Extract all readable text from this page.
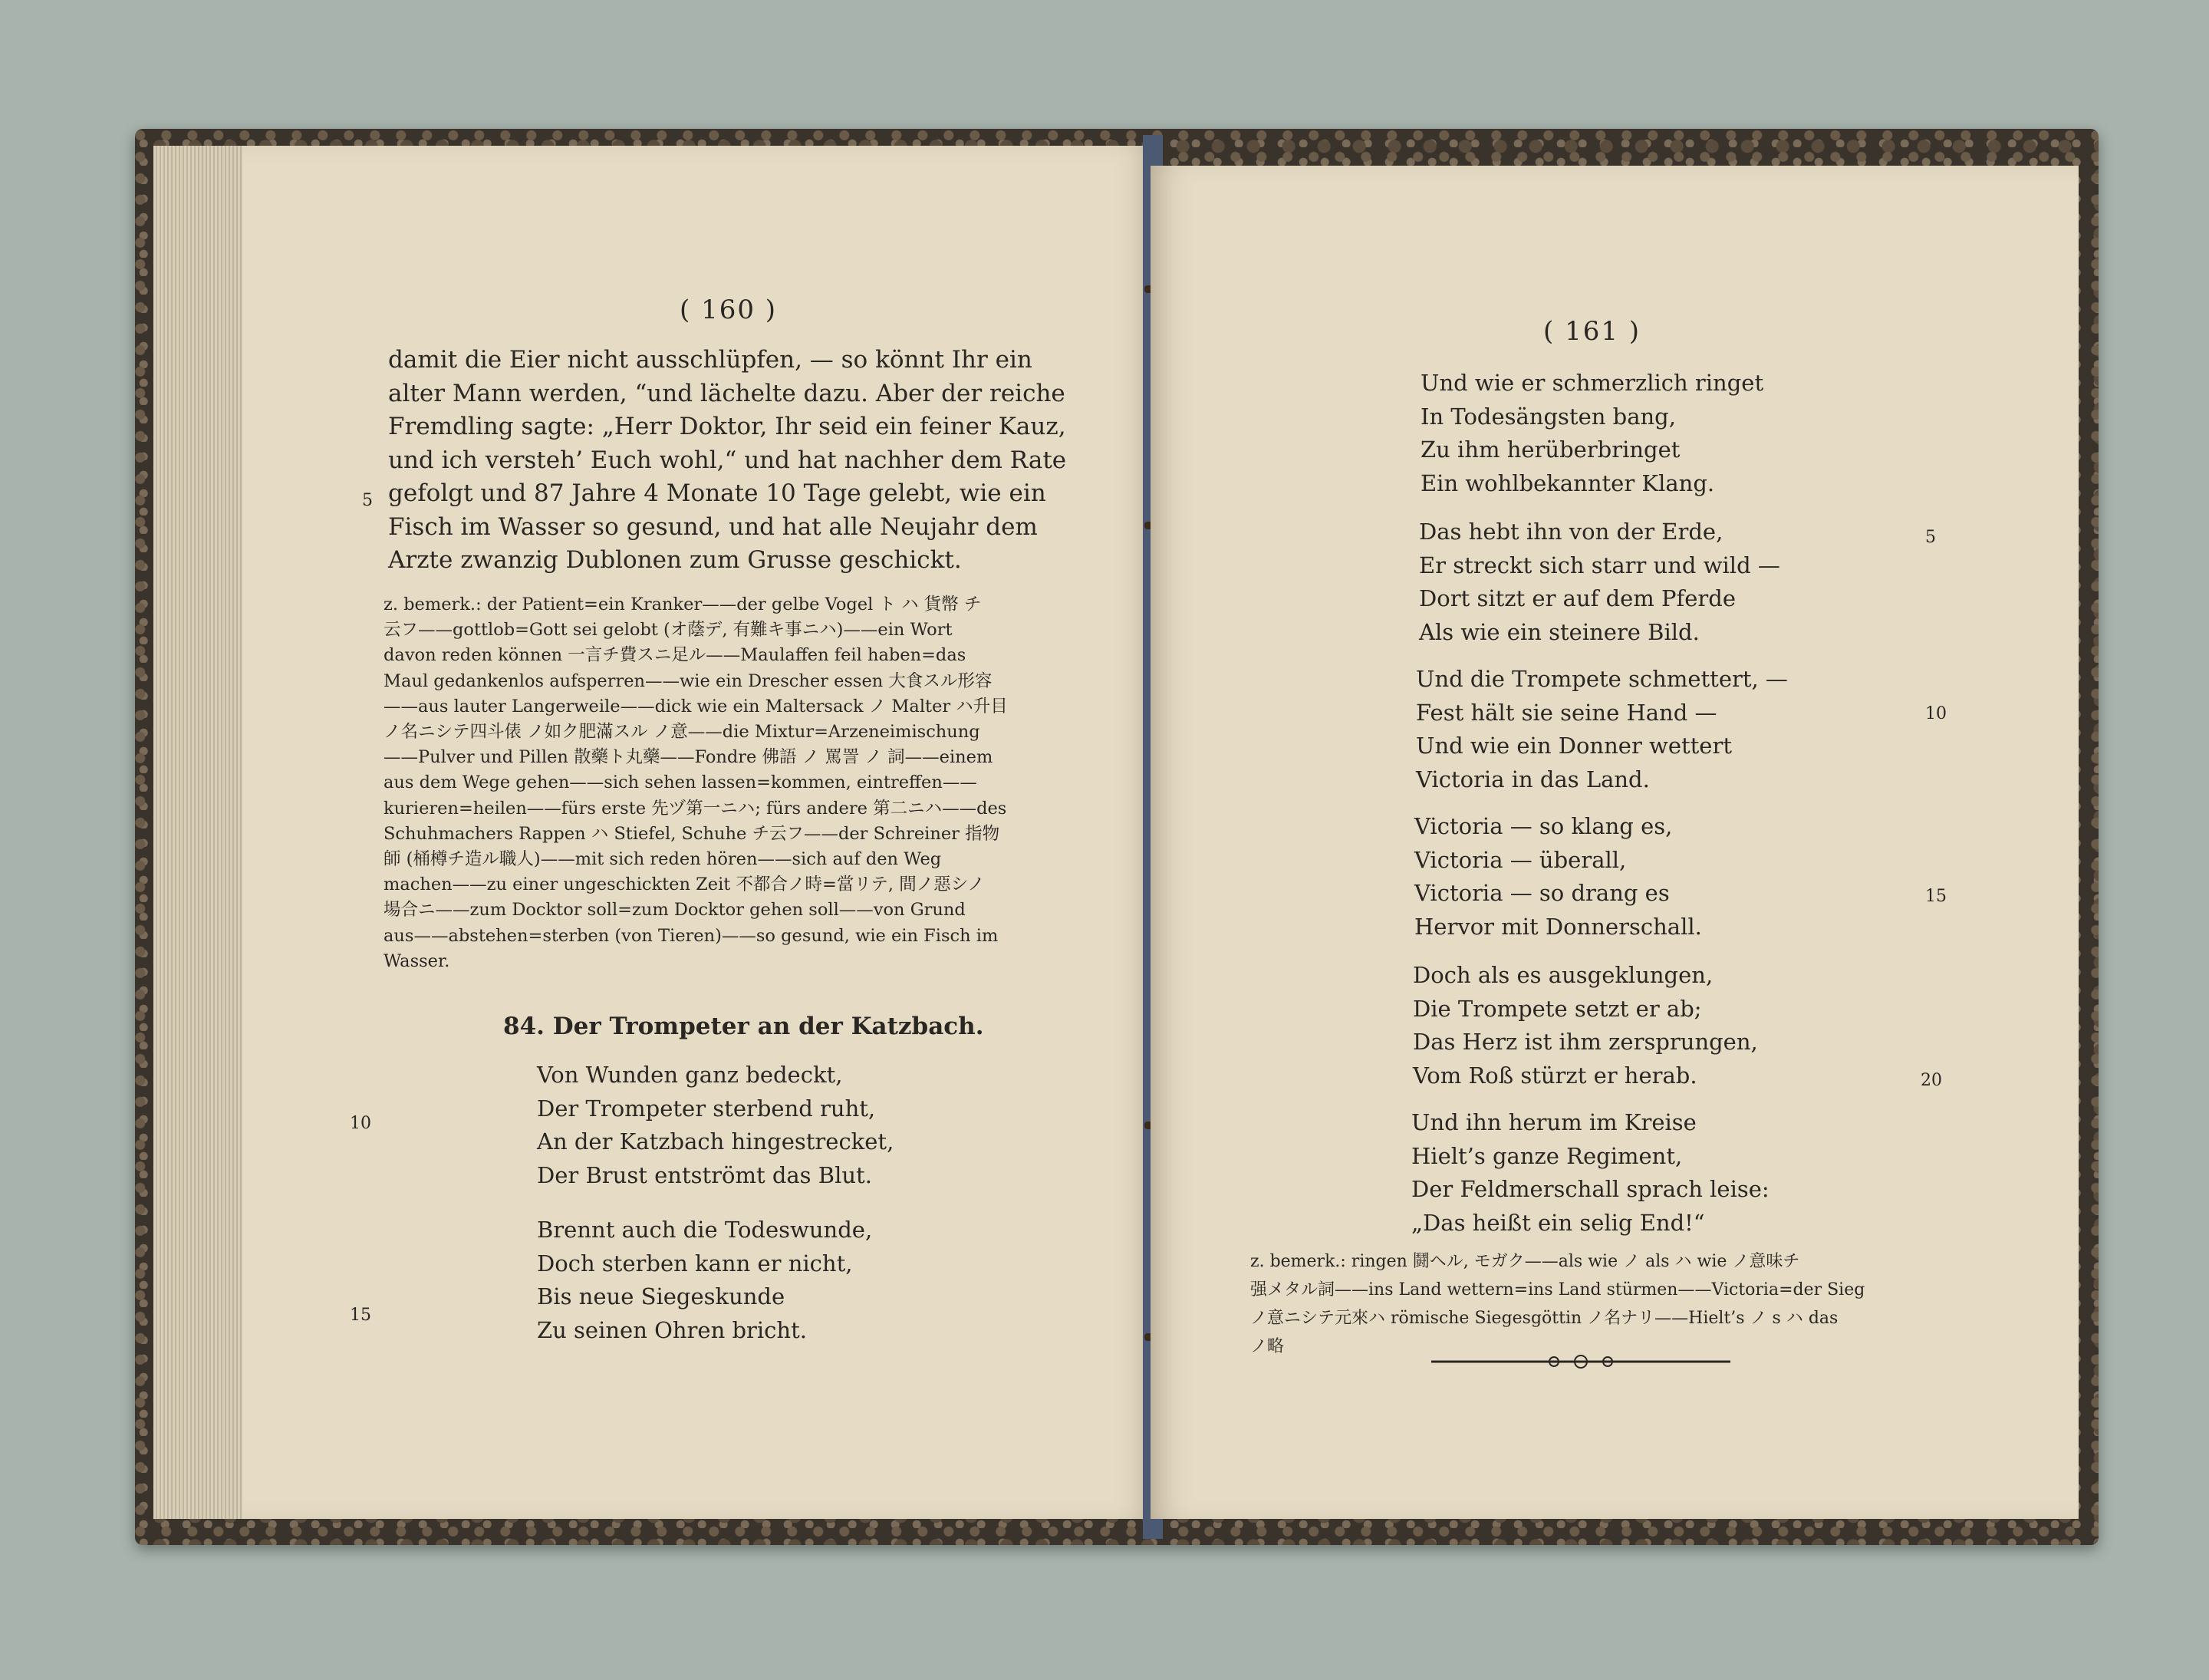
( 160 )
damit die Eier nicht ausschlüpfen, — so könnt Ihr ein
alter Mann werden, “und lächelte dazu. Aber der reiche
Fremdling sagte: „Herr Doktor, Ihr seid ein feiner Kauz,
und ich versteh’ Euch wohl,“ und hat nachher dem Rate
gefolgt und 87 Jahre 4 Monate 10 Tage gelebt, wie ein
Fisch im Wasser so gesund, und hat alle Neujahr dem
Arzte zwanzig Dublonen zum Grusse geschickt.
5
z. bemerk.: der Patient=ein Kranker——der gelbe Vogel ト ハ 貨幣 チ
云フ——gottlob=Gott sei gelobt (オ蔭デ, 有難キ事ニハ)——ein Wort
davon reden können 一言チ費スニ足ル——Maulaffen feil haben=das
Maul gedankenlos aufsperren——wie ein Drescher essen 大食スル形容
——aus lauter Langerweile——dick wie ein Maltersack ノ Malter ハ升目
ノ名ニシテ四斗俵 ノ如ク肥滿スル ノ意——die Mixtur=Arzeneimischung
——Pulver und Pillen 散藥ト丸藥——Fondre 佛語 ノ 罵詈 ノ 詞——einem
aus dem Wege gehen——sich sehen lassen=kommen, eintreffen——
kurieren=heilen——fürs erste 先ヅ第一ニハ; fürs andere 第二ニハ——des
Schuhmachers Rappen ハ Stiefel, Schuhe チ云フ——der Schreiner 指物
師 (桶樽チ造ル職人)——mit sich reden hören——sich auf den Weg
machen——zu einer ungeschickten Zeit 不都合ノ時=當リテ, 間ノ惡シノ
場合ニ——zum Docktor soll=zum Docktor gehen soll——von Grund
aus——abstehen=sterben (von Tieren)——so gesund, wie ein Fisch im
Wasser.
84. Der Trompeter an der Katzbach.
Von Wunden ganz bedeckt,
Der Trompeter sterbend ruht,
An der Katzbach hingestrecket,
Der Brust entströmt das Blut.
10
Brennt auch die Todeswunde,
Doch sterben kann er nicht,
Bis neue Siegeskunde
Zu seinen Ohren bricht.
15
( 161 )
Und wie er schmerzlich ringet
In Todesängsten bang,
Zu ihm herüberbringet
Ein wohlbekannter Klang.
Das hebt ihn von der Erde,
Er streckt sich starr und wild —
Dort sitzt er auf dem Pferde
Als wie ein steinere Bild.
5
Und die Trompete schmettert, —
Fest hält sie seine Hand —
Und wie ein Donner wettert
Victoria in das Land.
10
Victoria — so klang es,
Victoria — überall,
Victoria — so drang es
Hervor mit Donnerschall.
15
Doch als es ausgeklungen,
Die Trompete setzt er ab;
Das Herz ist ihm zersprungen,
Vom Roß stürzt er herab.	20
Und ihn herum im Kreise
Hielt’s ganze Regiment,
Der Feldmerschall sprach leise:
„Das heißt ein selig End!“
z. bemerk.: ringen 鬪ヘル, モガク——als wie ノ als ハ wie ノ意味チ
强メタル詞——ins Land wettern=ins Land stürmen——Victoria=der Sieg
ノ意ニシテ元來ハ römische Siegesgöttin ノ名ナリ——Hielt’s ノ s ハ das
ノ略
